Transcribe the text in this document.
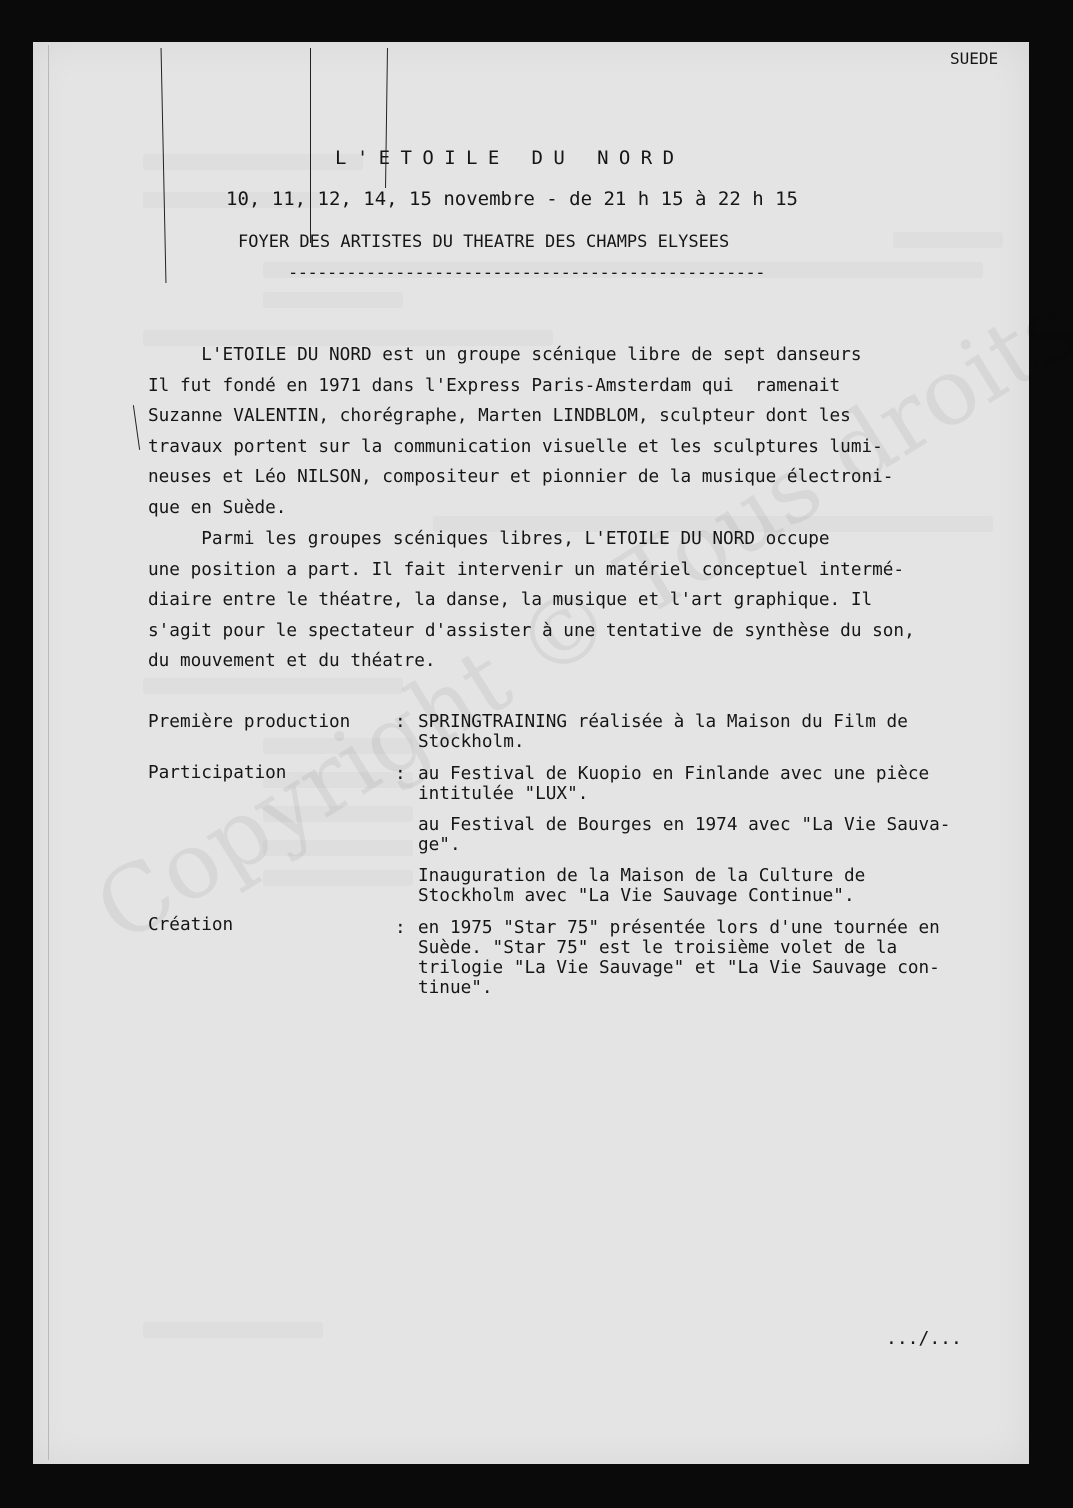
Copyright © Tous droits
SUEDE
L'ETOILE DU NORD
10, 11, 12, 14, 15 novembre - de 21 h 15 à 22 h 15
FOYER DES ARTISTES DU THEATRE DES CHAMPS ELYSEES
-------------------------------------------------
L'ETOILE DU NORD est un groupe scénique libre de sept danseurs
Il fut fondé en 1971 dans l'Express Paris-Amsterdam qui  ramenait
Suzanne VALENTIN, chorégraphe, Marten LINDBLOM, sculpteur dont les
travaux portent sur la communication visuelle et les sculptures lumi-
neuses et Léo NILSON, compositeur et pionnier de la musique électroni-
que en Suède.
Parmi les groupes scéniques libres, L'ETOILE DU NORD occupe
une position a part. Il fait intervenir un matériel conceptuel intermé-
diaire entre le théatre, la danse, la musique et l'art graphique. Il
s'agit pour le spectateur d'assister à une tentative de synthèse du son,
du mouvement et du théatre.
Première production	: SPRINGTRAINING réalisée à la Maison du Film de
Stockholm.
Participation	: au Festival de Kuopio en Finlande avec une pièce
intitulée "LUX".
au Festival de Bourges en 1974 avec "La Vie Sauva-
ge".
Inauguration de la Maison de la Culture de
Stockholm avec "La Vie Sauvage Continue".
Création	: en 1975 "Star 75" présentée lors d'une tournée en
Suède. "Star 75" est le troisième volet de la
trilogie "La Vie Sauvage" et "La Vie Sauvage con-
tinue".
.../...
